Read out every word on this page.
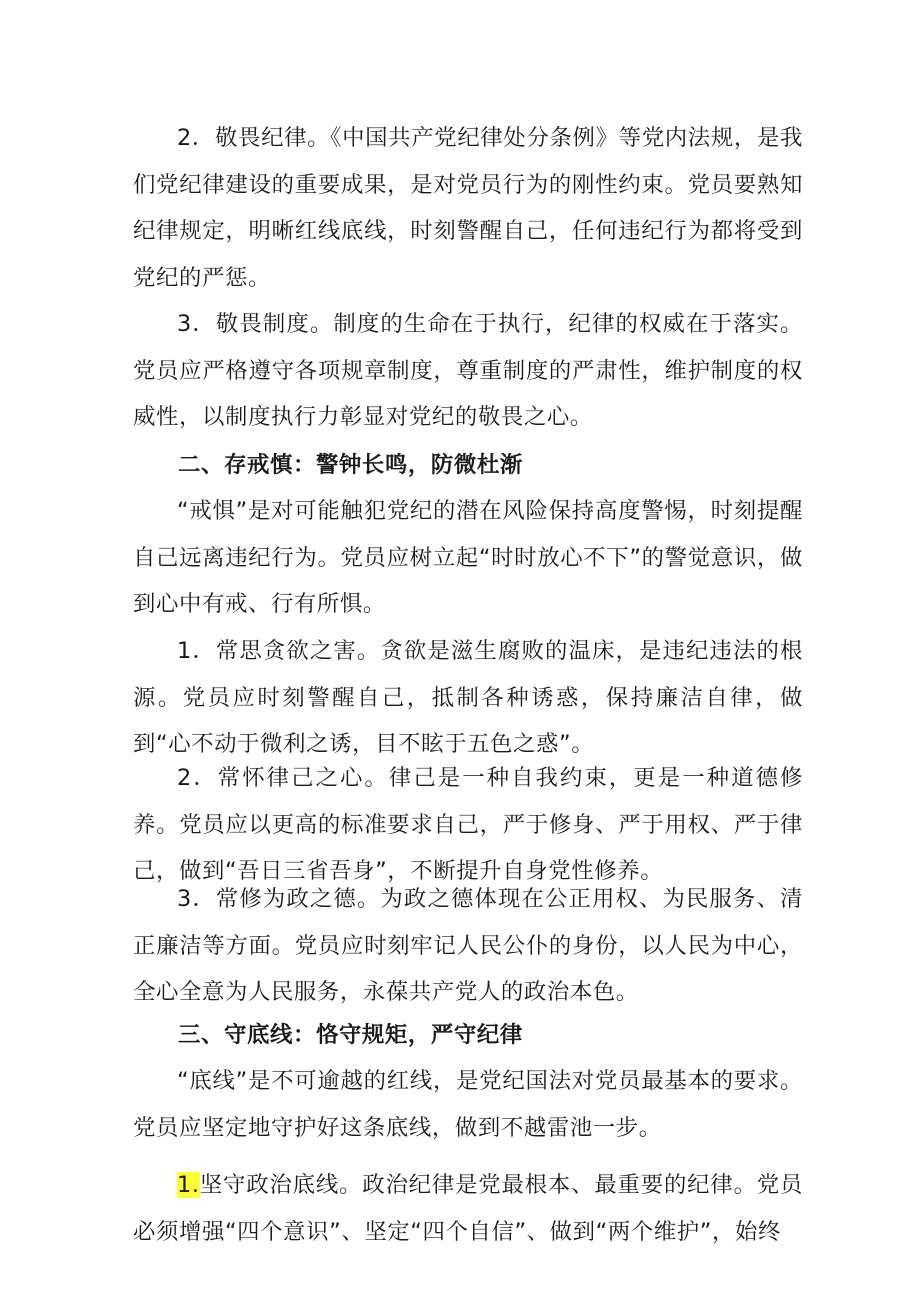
2．敬畏纪律。《中国共产党纪律处分条例》等党内法规，是我们党纪律建设的重要成果，是对党员行为的刚性约束。党员要熟知纪律规定，明晰红线底线，时刻警醒自己，任何违纪行为都将受到党纪的严惩。

3．敬畏制度。制度的生命在于执行，纪律的权威在于落实。党员应严格遵守各项规章制度，尊重制度的严肃性，维护制度的权威性，以制度执行力彰显对党纪的敬畏之心。

二、存戒慎：警钟长鸣，防微杜渐

“戒惧”是对可能触犯党纪的潜在风险保持高度警惕，时刻提醒自己远离违纪行为。党员应树立起“时时放心不下”的警觉意识，做到心中有戒、行有所惧。

1．常思贪欲之害。贪欲是滋生腐败的温床，是违纪违法的根源。党员应时刻警醒自己，抵制各种诱惑，保持廉洁自律，做到“心不动于微利之诱，目不眩于五色之惑”。

2．常怀律己之心。律己是一种自我约束，更是一种道德修养。党员应以更高的标准要求自己，严于修身、严于用权、严于律己，做到“吾日三省吾身”，不断提升自身党性修养。

3．常修为政之德。为政之德体现在公正用权、为民服务、清正廉洁等方面。党员应时刻牢记人民公仆的身份，以人民为中心，全心全意为人民服务，永葆共产党人的政治本色。

三、守底线：恪守规矩，严守纪律

“底线”是不可逾越的红线，是党纪国法对党员最基本的要求。党员应坚定地守护好这条底线，做到不越雷池一步。

1.坚守政治底线。政治纪律是党最根本、最重要的纪律。党员必须增强“四个意识”、坚定“四个自信”、做到“两个维护”，始终
